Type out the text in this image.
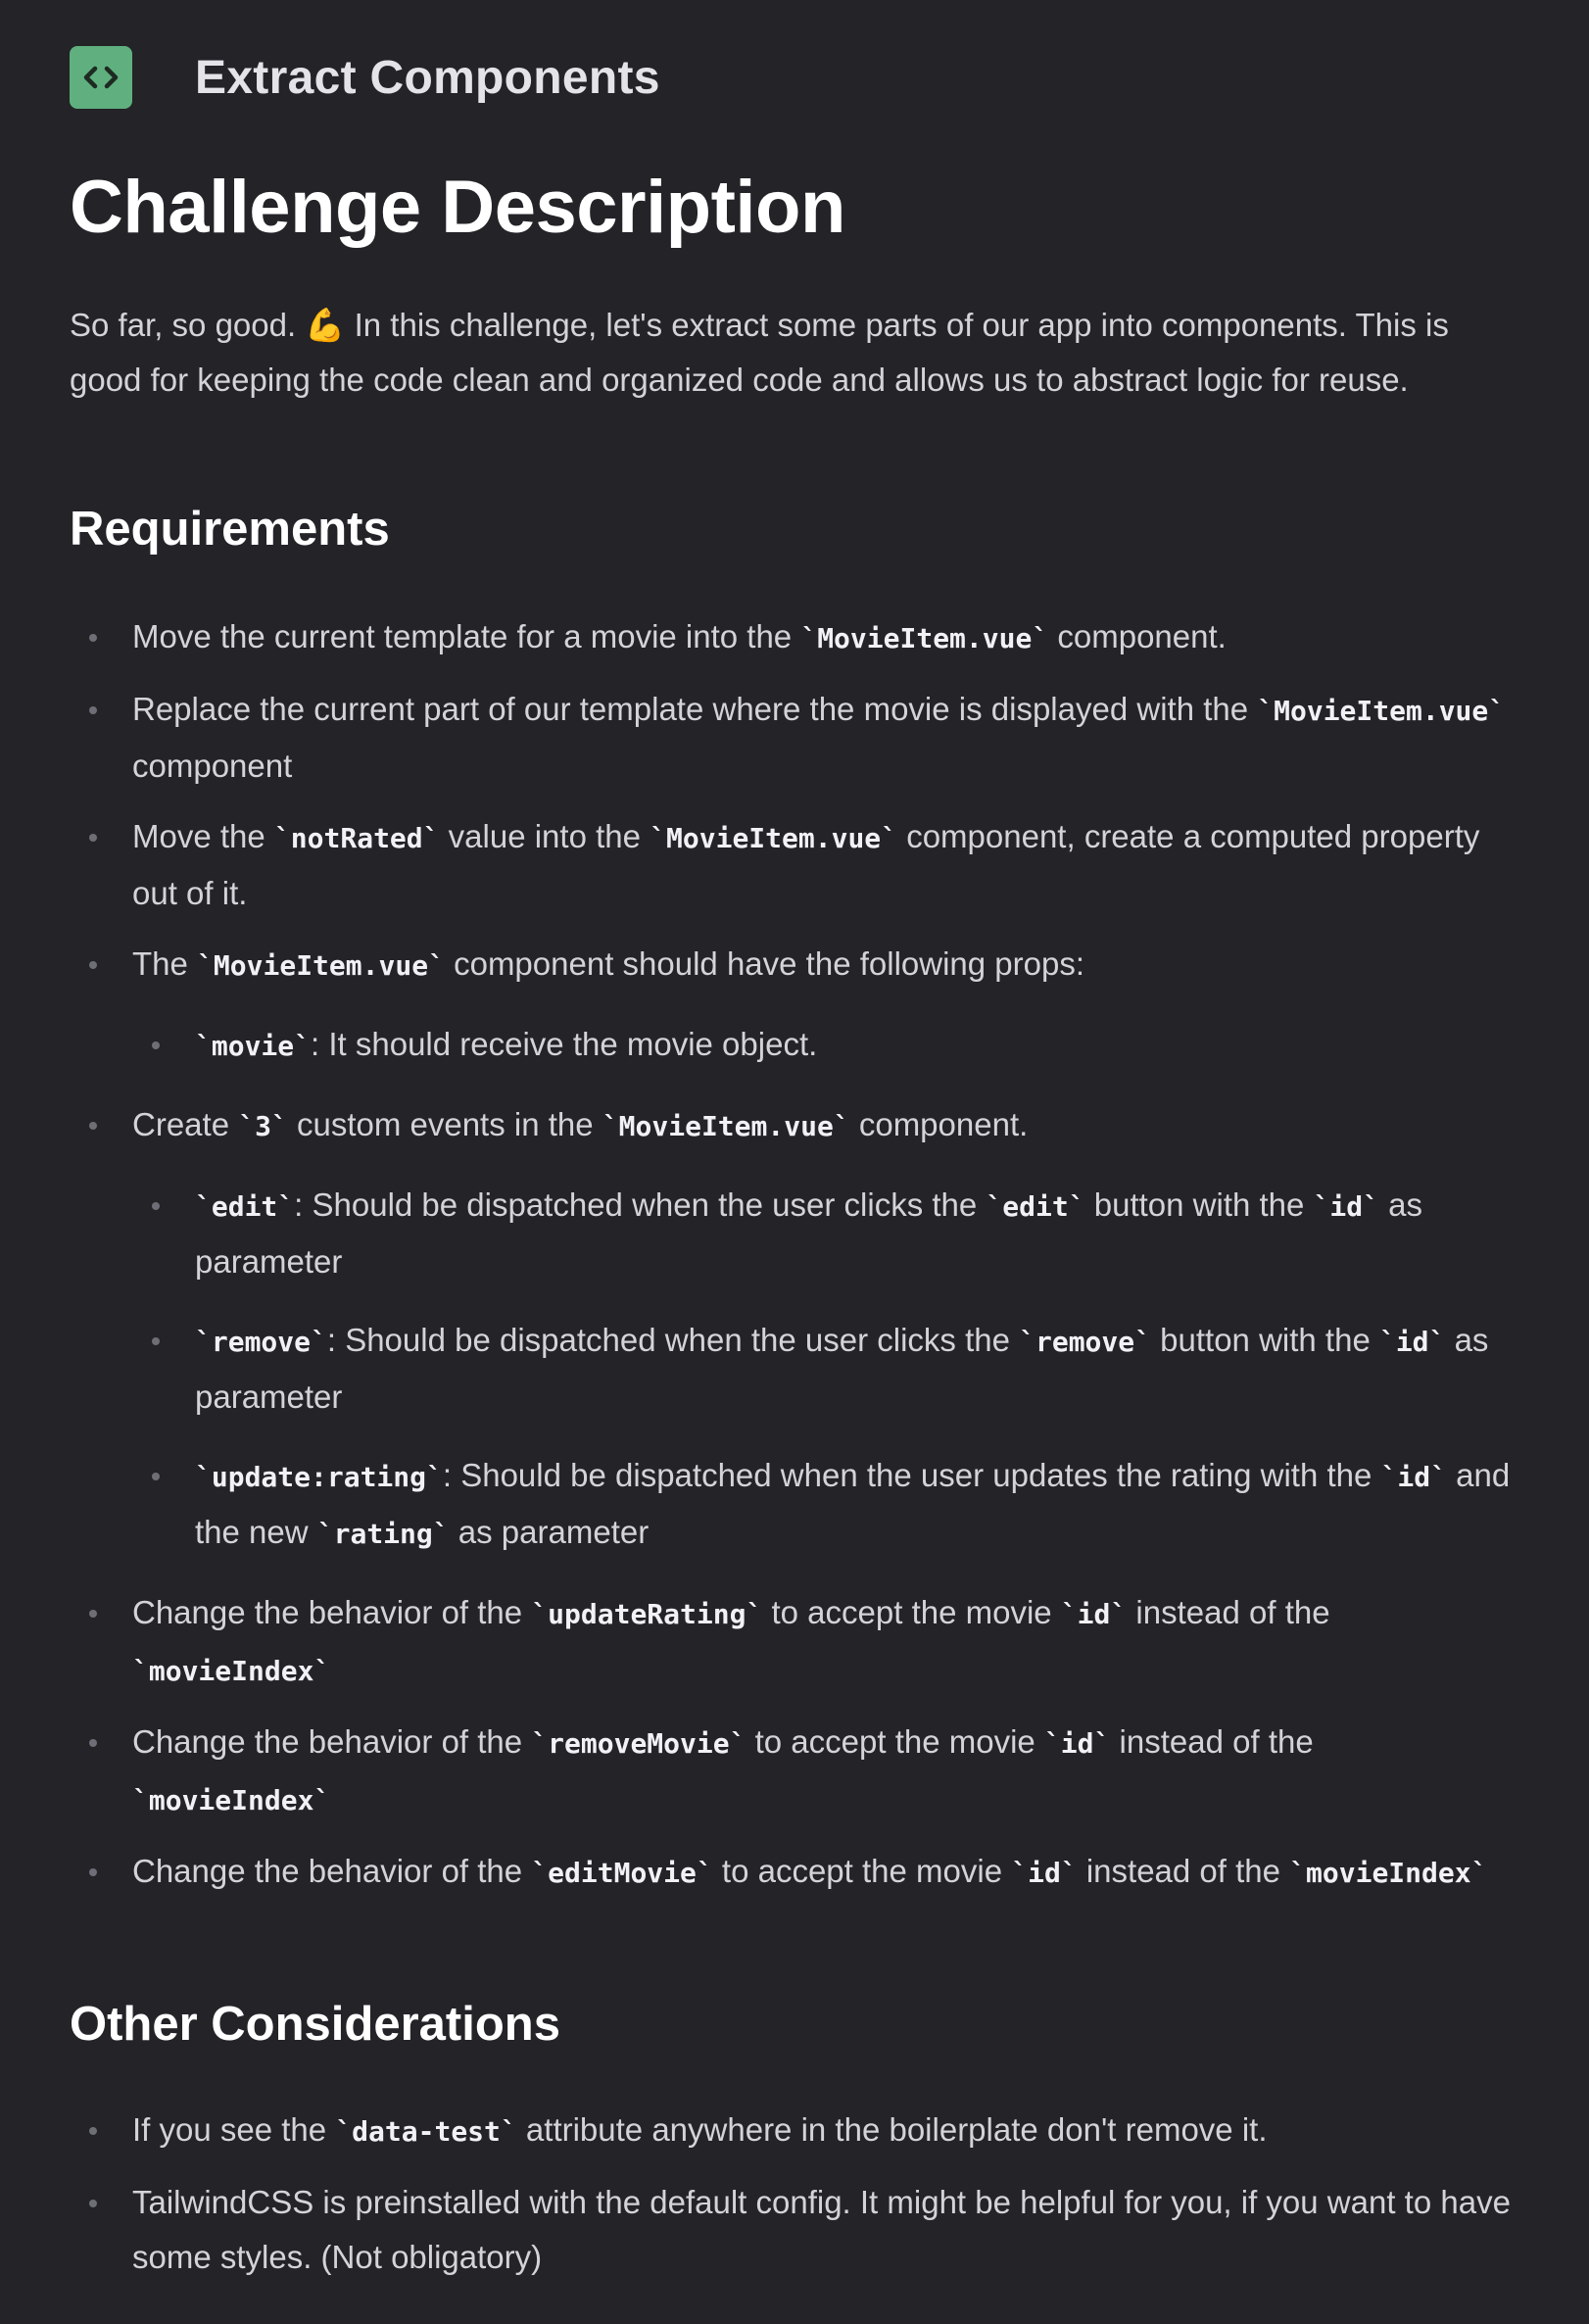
Extract Components
Challenge Description

So far, so good. 💪 In this challenge, let's extract some parts of our app into components. This is good for keeping the code clean and organized code and allows us to abstract logic for reuse.

Requirements
Move the current template for a movie into the `MovieItem.vue` component.
Replace the current part of our template where the movie is displayed with the `MovieItem.vue` component
Move the `notRated` value into the `MovieItem.vue` component, create a computed property out of it.
The `MovieItem.vue` component should have the following props:
`movie`: It should receive the movie object.
Create `3` custom events in the `MovieItem.vue` component.
`edit`: Should be dispatched when the user clicks the `edit` button with the `id` as parameter
`remove`: Should be dispatched when the user clicks the `remove` button with the `id` as parameter
`update:rating`: Should be dispatched when the user updates the rating with the `id` and the new `rating` as parameter
Change the behavior of the `updateRating` to accept the movie `id` instead of the `movieIndex`
Change the behavior of the `removeMovie` to accept the movie `id` instead of the `movieIndex`
Change the behavior of the `editMovie` to accept the movie `id` instead of the `movieIndex`
Other Considerations
If you see the `data-test` attribute anywhere in the boilerplate don't remove it.
TailwindCSS is preinstalled with the default config. It might be helpful for you, if you want to have some styles. (Not obligatory)
